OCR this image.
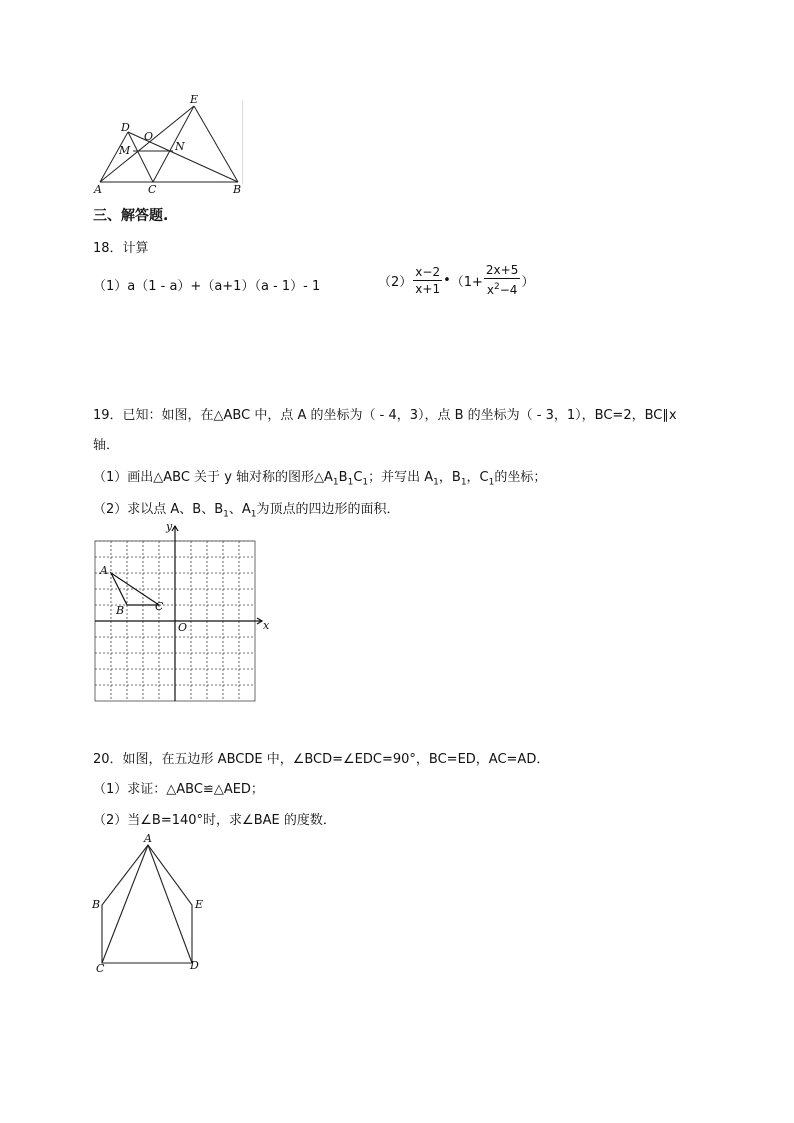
E
D
O
M	N
A	C	B
三、解答题.
18．计算
（1）a（1 - a）+（a+1）（a - 1）- 1	$(2) \frac{x-2}{x+1}$ • （$1+ \frac{2x+5}{x^2-4}$ ）
19．已知：如图，在△ABC 中，点 A 的坐标为（ - 4，3），点 B 的坐标为（ - 3，1），BC=2，BC∥x
轴．
（1）画出△ABC 关于 y 轴对称的图形$\triangle A_1B_1C_1$；并写出 $A_1$，$B_1$，$C_1$的坐标；
（2）求以点 A、B、$B_1$、$A_1$为顶点的四边形的面积．
y
x
O
A
B	C
20．如图，在五边形 ABCDE 中，∠BCD=∠EDC=90°，BC=ED，AC=AD．
（1）求证：△ABC≌△AED；
（2）当∠B=140°时，求∠BAE 的度数．
A
B	E
C	D
